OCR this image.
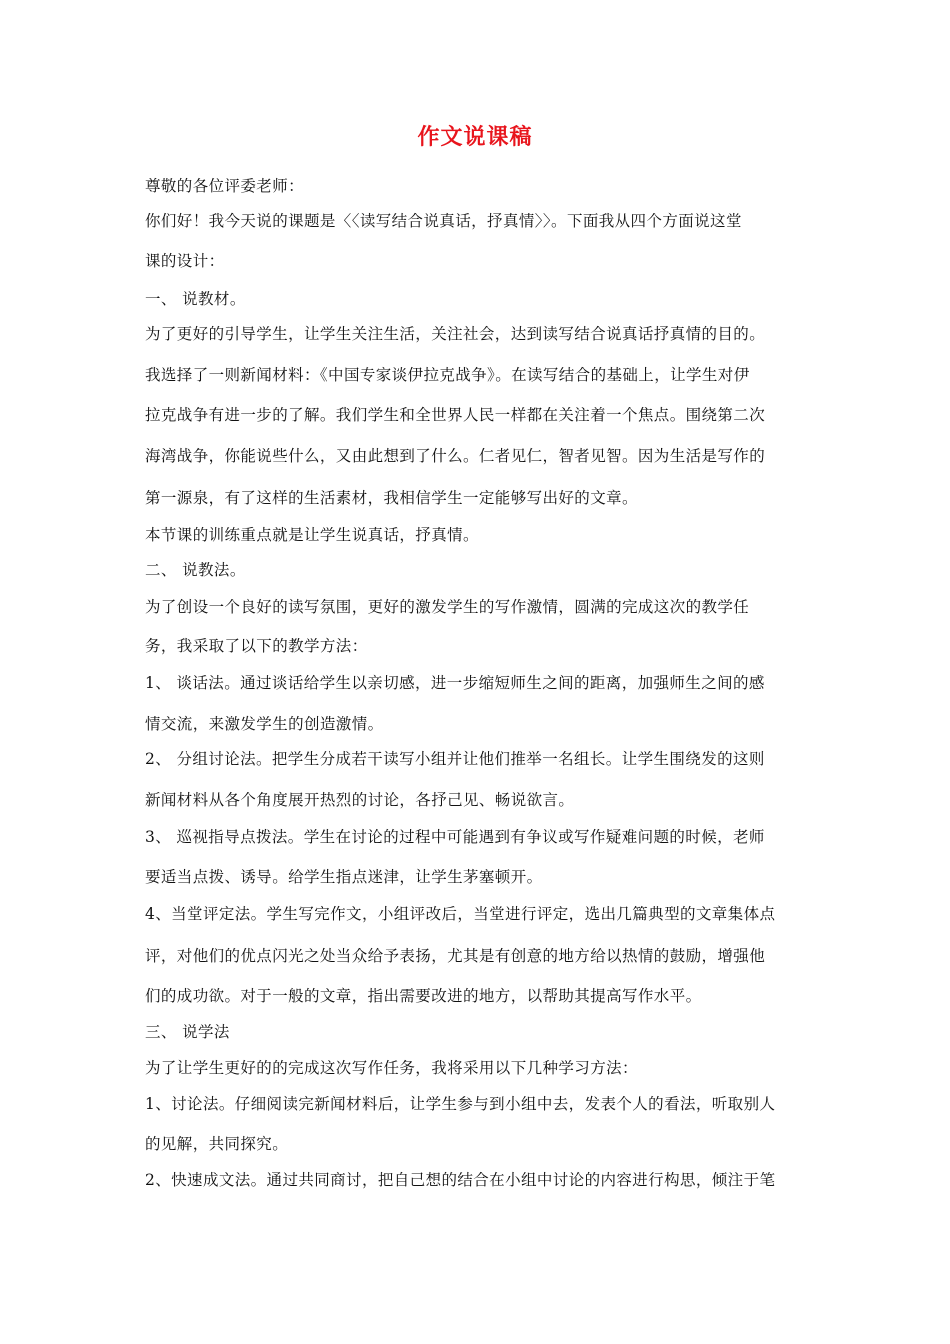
作文说课稿
尊敬的各位评委老师：
你们好！我今天说的课题是〈〈读写结合说真话，抒真情〉〉。下面我从四个方面说这堂
课的设计：
一、 说教材。
为了更好的引导学生，让学生关注生活，关注社会，达到读写结合说真话抒真情的目的。
我选择了一则新闻材料：《中国专家谈伊拉克战争》。在读写结合的基础上，让学生对伊
拉克战争有进一步的了解。我们学生和全世界人民一样都在关注着一个焦点。围绕第二次
海湾战争，你能说些什么，又由此想到了什么。仁者见仁，智者见智。因为生活是写作的
第一源泉，有了这样的生活素材，我相信学生一定能够写出好的文章。
本节课的训练重点就是让学生说真话，抒真情。
二、 说教法。
为了创设一个良好的读写氛围，更好的激发学生的写作激情，圆满的完成这次的教学任
务，我采取了以下的教学方法：
1、 谈话法。通过谈话给学生以亲切感，进一步缩短师生之间的距离，加强师生之间的感
情交流，来激发学生的创造激情。
2、 分组讨论法。把学生分成若干读写小组并让他们推举一名组长。让学生围绕发的这则
新闻材料从各个角度展开热烈的讨论，各抒己见、畅说欲言。
3、 巡视指导点拨法。学生在讨论的过程中可能遇到有争议或写作疑难问题的时候，老师
要适当点拨、诱导。给学生指点迷津，让学生茅塞顿开。
4、当堂评定法。学生写完作文，小组评改后，当堂进行评定，选出几篇典型的文章集体点
评，对他们的优点闪光之处当众给予表扬，尤其是有创意的地方给以热情的鼓励，增强他
们的成功欲。对于一般的文章，指出需要改进的地方，以帮助其提高写作水平。
三、 说学法
为了让学生更好的的完成这次写作任务，我将采用以下几种学习方法：
1、讨论法。仔细阅读完新闻材料后，让学生参与到小组中去，发表个人的看法，听取别人
的见解，共同探究。
2、快速成文法。通过共同商讨，把自己想的结合在小组中讨论的内容进行构思，倾注于笔
